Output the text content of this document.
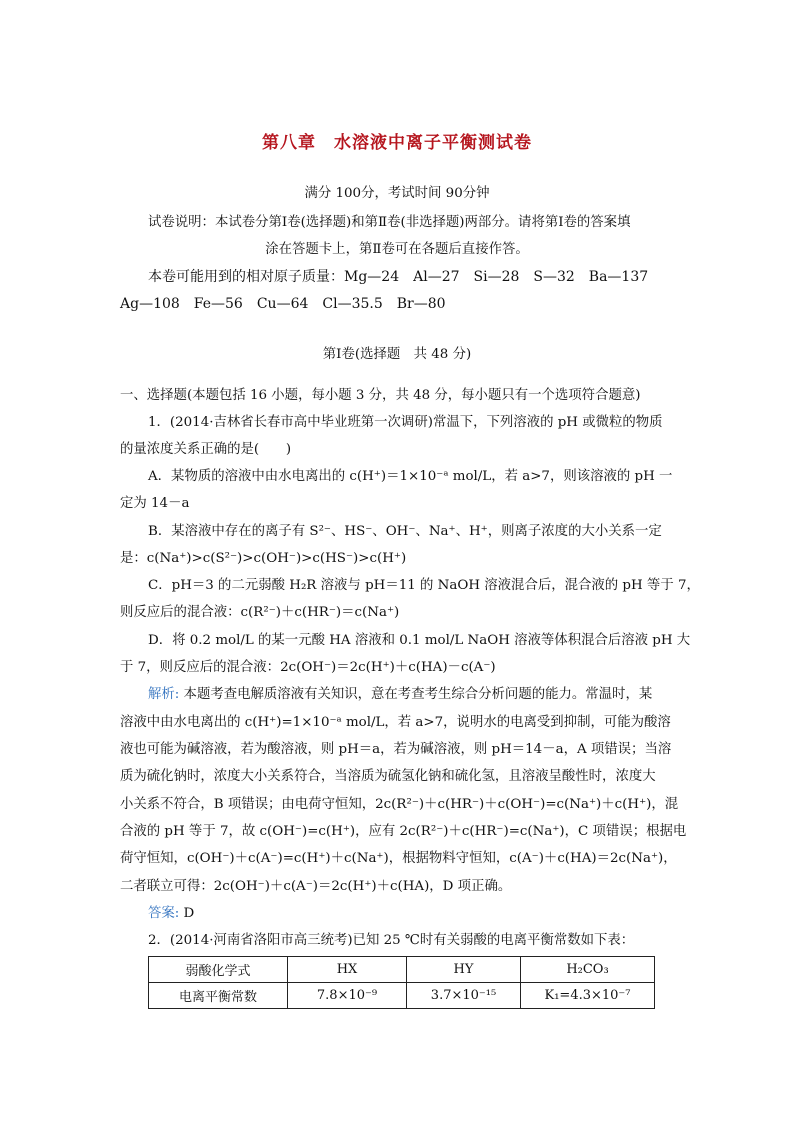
第八章　水溶液中离子平衡测试卷
满分 100分，考试时间 90分钟
试卷说明：本试卷分第Ⅰ卷(选择题)和第Ⅱ卷(非选择题)两部分。请将第Ⅰ卷的答案填
涂在答题卡上，第Ⅱ卷可在各题后直接作答。
本卷可能用到的相对原子质量：Mg—24　Al—27　Si—28　S—32　Ba—137
Ag—108　Fe—56　Cu—64　Cl—35.5　Br—80
第Ⅰ卷(选择题　共 48 分)
一、选择题(本题包括 16 小题，每小题 3 分，共 48 分，每小题只有一个选项符合题意)
1．(2014·吉林省长春市高中毕业班第一次调研)常温下，下列溶液的 pH 或微粒的物质
的量浓度关系正确的是(　　)
A．某物质的溶液中由水电离出的 c(H⁺)＝1×10⁻ᵃ mol/L，若 a>7，则该溶液的 pH 一
定为 14－a
B．某溶液中存在的离子有 S²⁻、HS⁻、OH⁻、Na⁺、H⁺，则离子浓度的大小关系一定
是：c(Na⁺)>c(S²⁻)>c(OH⁻)>c(HS⁻)>c(H⁺)
C．pH＝3 的二元弱酸 H₂R 溶液与 pH＝11 的 NaOH 溶液混合后，混合液的 pH 等于 7，
则反应后的混合液：c(R²⁻)＋c(HR⁻)＝c(Na⁺)
D．将 0.2 mol/L 的某一元酸 HA 溶液和 0.1 mol/L NaOH 溶液等体积混合后溶液 pH 大
于 7，则反应后的混合液：2c(OH⁻)＝2c(H⁺)＋c(HA)－c(A⁻)
解析: 本题考查电解质溶液有关知识，意在考查考生综合分析问题的能力。常温时，某
溶液中由水电离出的 c(H⁺)=1×10⁻ᵃ mol/L，若 a>7，说明水的电离受到抑制，可能为酸溶
液也可能为碱溶液，若为酸溶液，则 pH＝a，若为碱溶液，则 pH＝14－a，A 项错误；当溶
质为硫化钠时，浓度大小关系符合，当溶质为硫氢化钠和硫化氢，且溶液呈酸性时，浓度大
小关系不符合，B 项错误；由电荷守恒知，2c(R²⁻)＋c(HR⁻)＋c(OH⁻)=c(Na⁺)＋c(H⁺)，混
合液的 pH 等于 7，故 c(OH⁻)=c(H⁺)，应有 2c(R²⁻)＋c(HR⁻)=c(Na⁺)，C 项错误；根据电
荷守恒知，c(OH⁻)＋c(A⁻)=c(H⁺)＋c(Na⁺)，根据物料守恒知，c(A⁻)＋c(HA)＝2c(Na⁺)，
二者联立可得：2c(OH⁻)＋c(A⁻)＝2c(H⁺)＋c(HA)，D 项正确。
答案: D
2．(2014·河南省洛阳市高三统考)已知 25 ℃时有关弱酸的电离平衡常数如下表：
弱酸化学式	HX	HY	H₂CO₃
电离平衡常数	7.8×10⁻⁹	3.7×10⁻¹⁵	K₁=4.3×10⁻⁷
